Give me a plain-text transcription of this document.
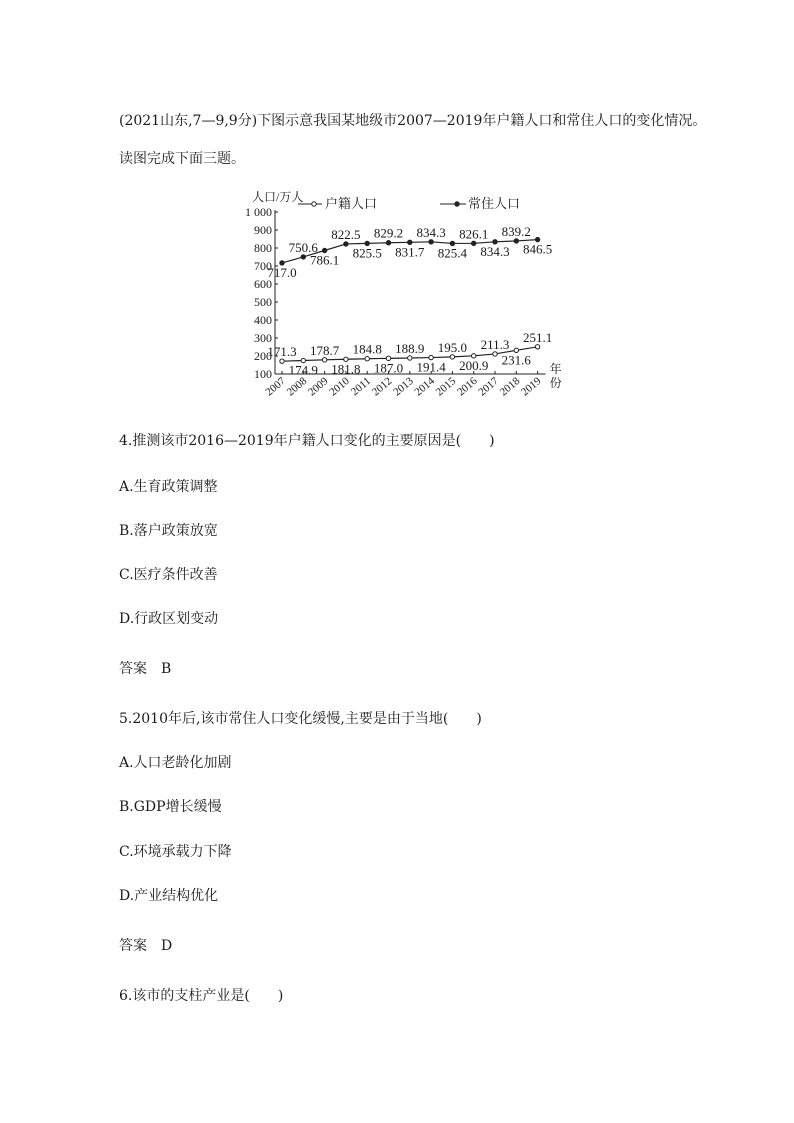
(2021山东,7—9,9分)下图示意我国某地级市2007—2019年户籍人口和常住人口的变化情况。
读图完成下面三题。
人口/万人
1 000
900
800
700
600
500
400
300
200
100
2007
2008
2009
2010
2011
2012
2013
2014
2015
2016
2017
2018
2019
年
份
171.3
174.9
178.7
181.8
184.8
187.0
188.9
191.4
195.0
200.9
211.3
231.6
251.1
717.0
750.6
786.1
822.5
825.5
829.2
831.7
834.3
825.4
826.1
834.3
839.2
846.5
户籍人口	常住人口
4.推测该市2016—2019年户籍人口变化的主要原因是(　　)
A.生育政策调整
B.落户政策放宽
C.医疗条件改善
D.行政区划变动
答案　B
5.2010年后,该市常住人口变化缓慢,主要是由于当地(　　)
A.人口老龄化加剧
B.GDP增长缓慢
C.环境承载力下降
D.产业结构优化
答案　D
6.该市的支柱产业是(　　)
